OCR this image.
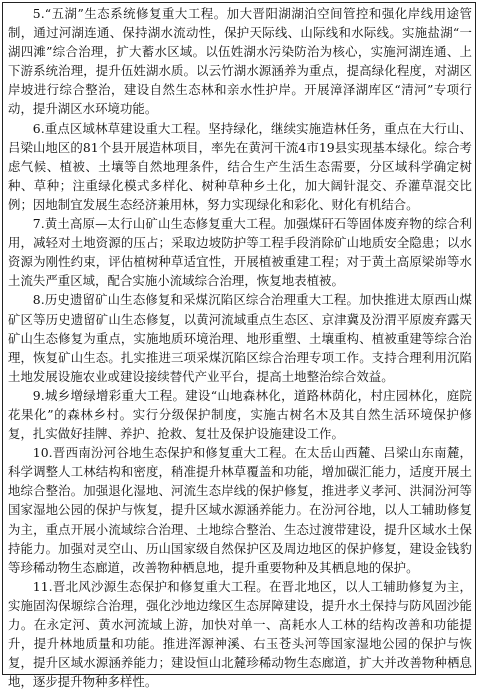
5.“五湖”生态系统修复重大工程。加大晋阳湖湖泊空间管控和强化岸线用途管制，通过河湖连通、保持湖水流动性，保护天际线、山际线和水际线。实施盐湖“一湖四滩”综合治理，扩大蓄水区域。以伍姓湖水污染防治为核心，实施河湖连通、上下游系统治理，提升伍姓湖水质。以云竹湖水源涵养为重点，提高绿化程度，对湖区岸坡进行综合整治，建设自然生态林和亲水性护岸。开展漳泽湖库区“清河”专项行动，提升湖区水环境功能。

6.重点区域林草建设重大工程。坚持绿化，继续实施造林任务，重点在大行山、吕梁山地区的81个县开展造林项目，率先在黄河干流4市19县实现基本绿化。综合考虑气候、植被、土壤等自然地理条件，结合生产生活生态需要，分区域科学确定树种、草种；注重绿化模式多样化、树种草种乡土化，加大阔针混交、乔灌草混交比例；因地制宜发展生态经济兼用林，努力实现绿化和彩化、财化有机结合。

7.黄土高原—太行山矿山生态修复重大工程。加强煤矸石等固体废弃物的综合利用，减轻对土地资源的压占；采取边坡防护等工程手段消除矿山地质安全隐患；以水资源为刚性约束，评估植树种草适宜性，开展植被重建工程；对于黄土高原梁峁等水土流失严重区域，配合实施小流域综合治理，恢复地表植被。

8.历史遗留矿山生态修复和采煤沉陷区综合治理重大工程。加快推进太原西山煤矿区等历史遗留矿山生态修复，以黄河流域重点生态区、京津冀及汾渭平原废弃露天矿山生态修复为重点，实施地质环境治理、地形重塑、土壤重构、植被重建等综合治理，恢复矿山生态。扎实推进三项采煤沉陷区综合治理专项工作。支持合理利用沉陷土地发展设施农业或建设接续替代产业平台，提高土地整治综合效益。

9.城乡增绿增彩重大工程。建设“山地森林化，道路林荫化，村庄园林化，庭院花果化”的森林乡村。实行分级保护制度，实施古树名木及其自然生活环境保护修复，扎实做好挂牌、养护、抢救、复壮及保护设施建设工作。

10.晋西南汾河谷地生态保护和修复重大工程。在太岳山西麓、吕梁山东南麓，科学调整人工林结构和密度，稍准提升林草覆盖和功能，增加碳汇能力，适度开展土地综合整治。加强退化湿地、河流生态岸线的保护修复，推进孝义孝河、洪洞汾河等国家湿地公园的保护与恢复，提升区域水源涵养能力。在汾河谷地，以人工辅助修复为主，重点开展小流域综合治理、土地综合整治、生态过渡带建设，提升区域水土保持能力。加强对灵空山、历山国家级自然保护区及周边地区的保护修复，建设金钱豹等珍稀动物生态廊道，改善物种栖息地，提升重要物种及其栖息地的保护。

11.晋北风沙源生态保护和修复重大工程。在晋北地区，以人工辅助修复为主，实施固沟保塬综合治理，强化沙地边缘区生态屏障建设，提升水土保持与防风固沙能力。在永定河、黄水河流域上游，加快对单一、高耗水人工林的结构改善和功能提升，提升林地质量和功能。推进浑源神溪、右玉苍头河等国家湿地公园的保护与恢复，提升区域水源涵养能力；建设恒山北麓珍稀动物生态廊道，扩大并改善物种栖息地，逐步提升物种多样性。
